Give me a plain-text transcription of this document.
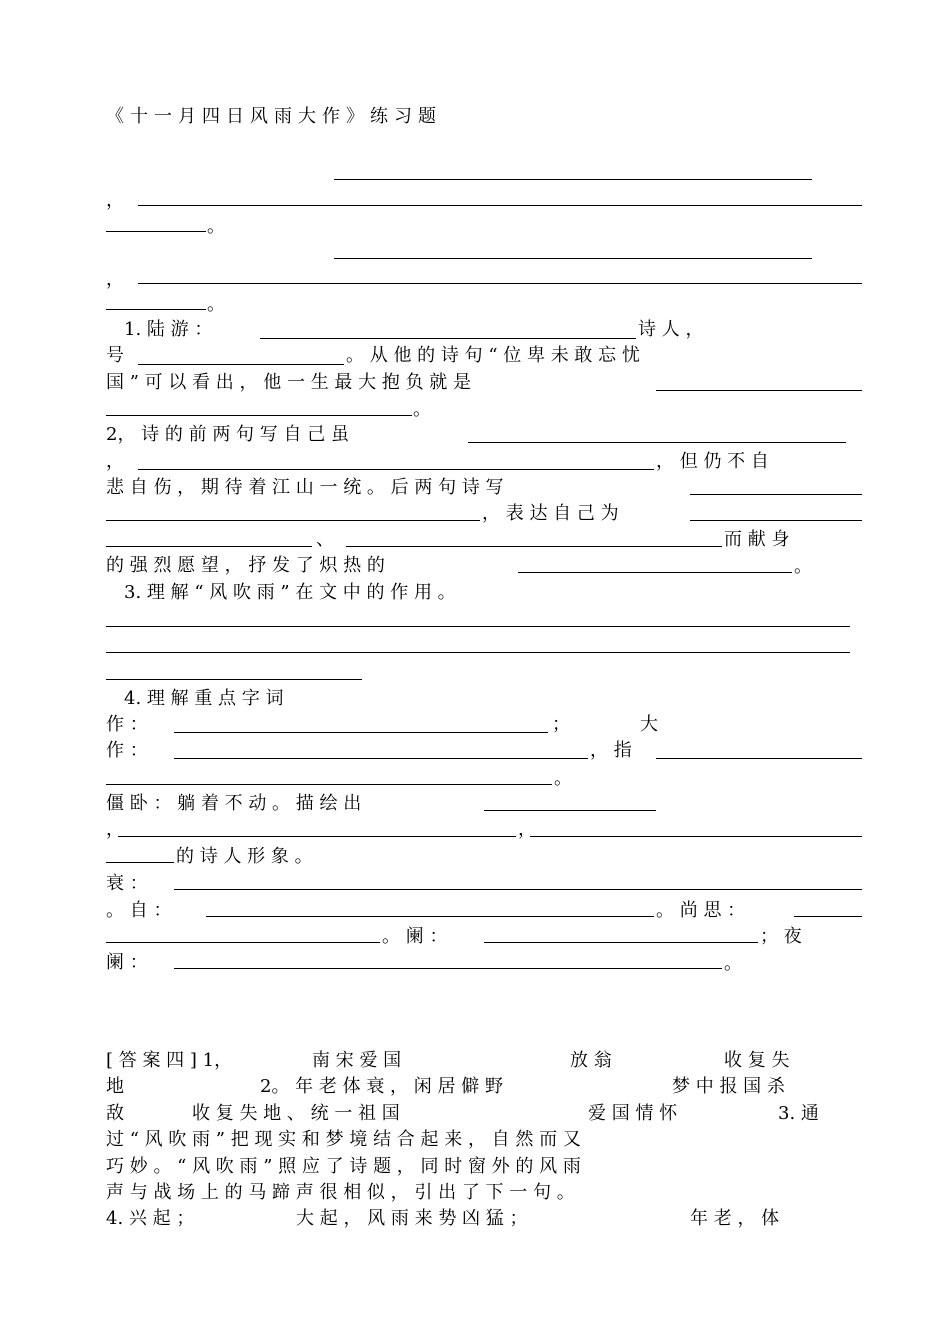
《十一月四日风雨大作》练习题
，
。
，
。
1. 陆 游 ：	诗 人 ，
号	。 从 他 的 诗 句 “ 位 卑 未 敢 忘 忧
国 ” 可 以 看 出 ， 他 一 生 最 大 抱 负 就 是
。
2， 诗 的 前 两 句 写 自 己 虽
，	， 但 仍 不 自
悲 自 伤 ， 期 待 着 江 山 一 统 。 后 两 句 诗 写
， 表 达 自 己 为
、	而 献 身
的 强 烈 愿 望 ， 抒 发 了 炽 热 的	。
3. 理 解 “ 风 吹 雨 ” 在 文 中 的 作 用 。
4. 理 解 重 点 字 词
作 ：	；	大
作 ：	， 指
。
僵 卧 ： 躺 着 不 动 。 描 绘 出
，	，
的 诗 人 形 象 。
衰 ：
。 自 ：	。 尚 思 ：
。 阑 ：	； 夜
阑 ：	。
[ 答 案 四 ] 1，	南 宋 爱 国	放 翁	收 复 失
地	2。 年 老 体 衰 ， 闲 居 僻 野	梦 中 报 国 杀
敌	收 复 失 地 、 统 一 祖 国	爱 国 情 怀	3. 通
过 “ 风 吹 雨 ” 把 现 实 和 梦 境 结 合 起 来 ， 自 然 而 又
巧 妙 。 “ 风 吹 雨 ” 照 应 了 诗 题 ， 同 时 窗 外 的 风 雨
声 与 战 场 上 的 马 蹄 声 很 相 似 ， 引 出 了 下 一 句 。
4. 兴 起 ；	大 起 ， 风 雨 来 势 凶 猛 ；	年 老 ， 体
